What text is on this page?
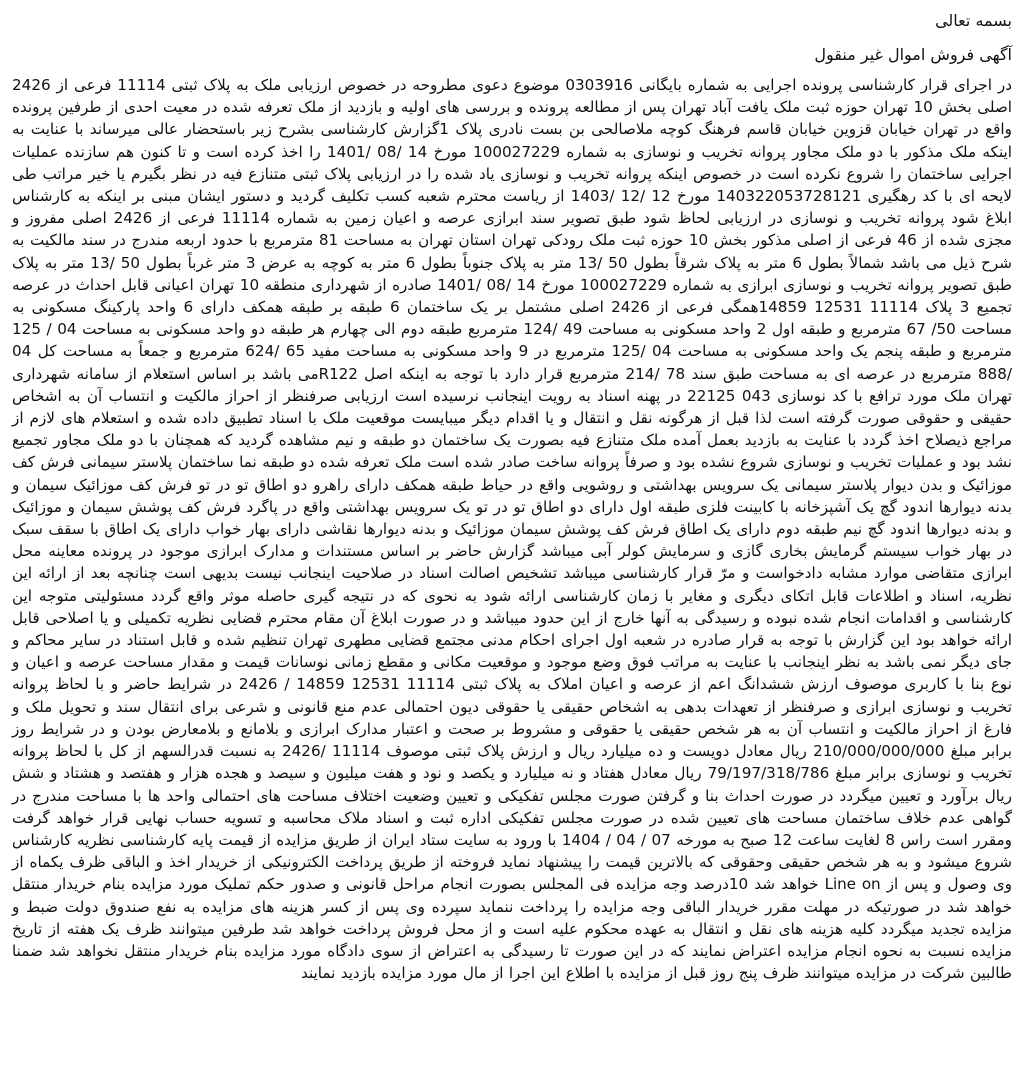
بسمه تعالی
آگهی فروش اموال غیر منقول

در اجرای قرار کارشناسی پرونده اجرایی به شماره بایگانی 0303916 موضوع دعوی مطروحه در خصوص ارزیابی ملک به پلاک ثبتی 11114 فرعی از 2426 اصلی بخش 10 تهران حوزه ثبت ملک یافت آباد تهران پس از مطالعه پرونده و بررسی های اولیه و بازدید از ملک تعرفه شده در معیت احدی از طرفین پرونده واقع در تهران خیابان قزوین خیابان قاسم فرهنگ کوچه ملاصالحی بن بست نادری پلاک 1گزارش کارشناسی بشرح زیر باستحضار عالی میرساند با عنایت به اینکه ملک مذکور با دو ملک مجاور پروانه تخریب و نوسازی به شماره 100027229 مورخ 14 /08 /1401 را اخذ کرده است و تا کنون هم سازنده عملیات اجرایی ساختمان را شروع نکرده است در خصوص اینکه پروانه تخریب و نوسازی یاد شده را در ارزیابی پلاک ثبتی متنازع فیه در نظر بگیرم یا خیر مراتب طی لایحه ای با کد رهگیری 140322053728121 مورخ 12 /12 /1403 از ریاست محترم شعبه کسب تکلیف گردید و دستور ایشان مبنی بر اینکه به کارشناس ابلاغ شود پروانه تخریب و نوسازی در ارزیابی لحاظ شود طبق تصویر سند ابرازی عرصه و اعیان زمین به شماره 11114 فرعی از 2426 اصلی مفروز و مجزی شده از 46 فرعی از اصلی مذکور بخش 10 حوزه ثبت ملک رودکی تهران استان تهران به مساحت 81 مترمربع با حدود اربعه مندرج در سند مالکیت به شرح ذیل می باشد شمالاً بطول 6 متر به پلاک شرقاً بطول 50 /13 متر به پلاک جنوباً بطول 6 متر به کوچه به عرض 3 متر غرباً بطول 50 /13 متر به پلاک طبق تصویر پروانه تخریب و نوسازی ابرازی به شماره 100027229 مورخ 14 /08 /1401 صادره از شهرداری منطقه 10 تهران اعیانی قابل احداث در عرصه تجمیع 3 پلاک 11114 12531 14859همگی فرعی از 2426 اصلی مشتمل بر یک ساختمان 6 طبقه بر طبقه همکف دارای 6 واحد پارکینگ مسکونی به مساحت 50/ 67 مترمربع و طبقه اول 2 واحد مسکونی به مساحت 49 /124 مترمربع طبقه دوم الی چهارم هر طبقه دو واحد مسکونی به مساحت 04 / 125 مترمربع و طبقه پنجم یک واحد مسکونی به مساحت 04 /125 مترمربع در 9 واحد مسکونی به مساحت مفید 65 /624 مترمربع و جمعاً به مساحت کل 04 /888 مترمربع در عرصه ای به مساحت طبق سند 78 /214 مترمربع قرار دارد با توجه به اینکه اصل R122می باشد بر اساس استعلام از سامانه شهرداری تهران ملک مورد ترافع با کد نوسازی 043 22125 در پهنه اسناد به رویت اینجانب نرسیده است ارزیابی صرفنظر از احراز مالکیت و انتساب آن به اشخاص حقیقی و حقوقی صورت گرفته است لذا قبل از هرگونه نقل و انتقال و یا اقدام دیگر میبایست موقعیت ملک با اسناد تطبیق داده شده و استعلام های لازم از مراجع ذیصلاح اخذ گردد با عنایت به بازدید بعمل آمده ملک متنازع فیه بصورت یک ساختمان دو طبقه و نیم مشاهده گردید که همچنان با دو ملک مجاور تجمیع نشد بود و عملیات تخریب و نوسازی شروع نشده بود و صرفاً پروانه ساخت صادر شده است ملک تعرفه شده دو طبقه نما ساختمان پلاستر سیمانی فرش کف موزائیک و بدن دیوار پلاستر سیمانی یک سرویس بهداشتی و روشویی واقع در حیاط طبقه همکف دارای راهرو دو اطاق تو در تو فرش کف موزائیک سیمان و بدنه دیوارها اندود گچ یک آشپزخانه با کابینت فلزی طبقه اول دارای دو اطاق تو در تو یک سرویس بهداشتی واقع در پاگرد فرش کف پوشش سیمان و موزائیک و بدنه دیوارها اندود گچ نیم طبقه دوم دارای یک اطاق فرش کف پوشش سیمان موزائیک و بدنه دیوارها نقاشی دارای بهار خواب دارای یک اطاق با سقف سبک در بهار خواب سیستم گرمایش بخاری گازی و سرمایش کولر آبی میباشد گزارش حاضر بر اساس مستندات و مدارک ابرازی موجود در پرونده معاینه محل ابرازی متقاضی موارد مشابه دادخواست و مرّ قرار کارشناسی میباشد تشخیص اصالت اسناد در صلاحیت اینجانب نیست بدیهی است چنانچه بعد از ارائه این نظریه، اسناد و اطلاعات قابل اتکای دیگری و مغایر با زمان کارشناسی ارائه شود به نحوی که در نتیجه گیری حاصله موثر واقع گردد مسئولیتی متوجه این کارشناسی و اقدامات انجام شده نبوده و رسیدگی به آنها خارج از این حدود میباشد و در صورت ابلاغ آن مقام محترم قضایی نظریه تکمیلی و یا اصلاحی قابل ارائه خواهد بود این گزارش با توجه به قرار صادره در شعبه اول اجرای احکام مدنی مجتمع قضایی مطهری تهران تنظیم شده و قابل استناد در سایر محاکم و جای دیگر نمی باشد به نظر اینجانب با عنایت به مراتب فوق وضع موجود و موقعیت مکانی و مقطع زمانی نوسانات قیمت و مقدار مساحت عرصه و اعیان و نوع بنا با کاربری موصوف ارزش ششدانگ اعم از عرصه و اعیان املاک به پلاک ثبتی 11114 12531 14859 / 2426 در شرایط حاضر و با لحاظ پروانه تخریب و نوسازی ابرازی و صرفنظر از تعهدات بدهی به اشخاص حقیقی یا حقوقی دیون احتمالی عدم منع قانونی و شرعی برای انتقال سند و تحویل ملک و فارغ از احراز مالکیت و انتساب آن به هر شخص حقیقی یا حقوقی و مشروط بر صحت و اعتبار مدارک ابرازی و بلامانع و بلامعارض بودن و در شرایط روز برابر مبلغ 210/000/000/000 ریال معادل دویست و ده میلیارد ریال و ارزش پلاک ثبتی موصوف 11114 /2426 به نسبت قدرالسهم از کل با لحاظ پروانه تخریب و نوسازی برابر مبلغ 79/197/318/786 ریال معادل هفتاد و نه میلیارد و یکصد و نود و هفت میلیون و سیصد و هجده هزار و هفتصد و هشتاد و شش ریال برآورد و تعیین میگردد در صورت احداث بنا و گرفتن صورت مجلس تفکیکی و تعیین وضعیت اختلاف مساحت های احتمالی واحد ها با مساحت مندرج در گواهی عدم خلاف ساختمان مساحت های تعیین شده در صورت مجلس تفکیکی اداره ثبت و اسناد ملاک محاسبه و تسویه حساب نهایی قرار خواهد گرفت ومقرر است راس 8 لغایت ساعت 12 صبح به مورخه 07 / 04 / 1404 با ورود به سایت ستاد ایران از طریق مزایده از قیمت پایه کارشناسی نظریه کارشناس شروع میشود و به هر شخص حقیقی وحقوقی که بالاترین قیمت را پیشنهاد نماید فروخته از طریق پرداخت الکترونیکی از خریدار اخذ و الباقی ظرف یکماه از وی وصول و پس از Line on خواهد شد 10درصد وجه مزایده فی المجلس بصورت انجام مراحل قانونی و صدور حکم تملیک مورد مزایده بنام خریدار منتقل خواهد شد در صورتیکه در مهلت مقرر خریدار الباقی وجه مزایده را پرداخت ننماید سپرده وی پس از کسر هزینه های مزایده به نفع صندوق دولت ضبط و مزایده تجدید میگردد کلیه هزینه های نقل و انتقال به عهده محکوم علیه است و از محل فروش پرداخت خواهد شد طرفین میتوانند ظرف یک هفته از تاریخ مزایده نسبت به نحوه انجام مزایده اعتراض نمایند که در این صورت تا رسیدگی به اعتراض از سوی دادگاه مورد مزایده بنام خریدار منتقل نخواهد شد ضمنا طالبین شرکت در مزایده میتوانند ظرف پنج روز قبل از مزایده با اطلاع این اجرا از مال مورد مزایده بازدید نمایند
